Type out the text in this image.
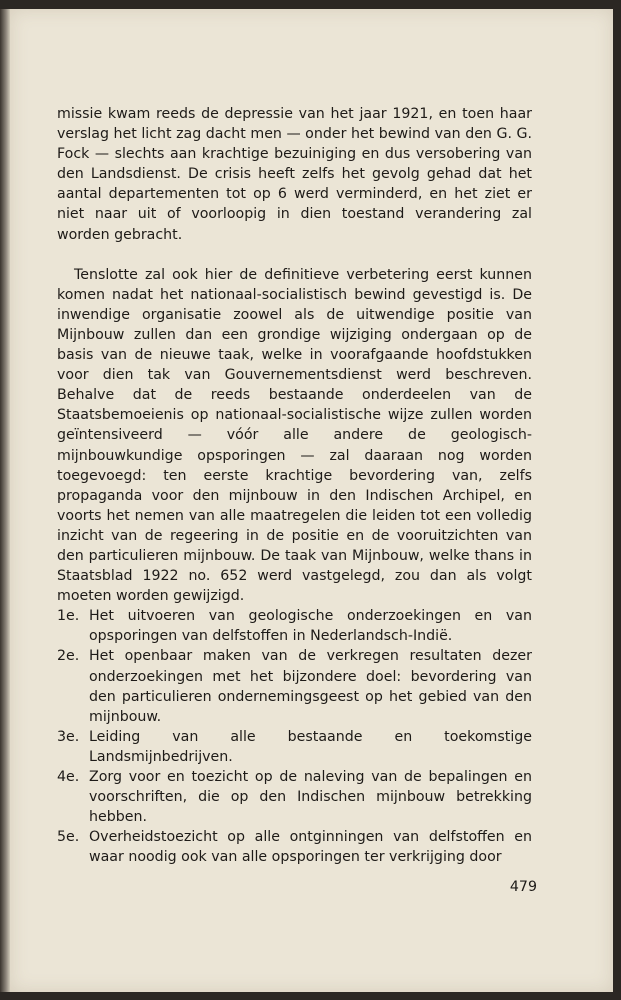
missie kwam reeds de depressie van het jaar 1921, en toen haar verslag het licht zag dacht men — onder het bewind van den G. G. Fock — slechts aan krachtige bezuiniging en dus versobering van den Landsdienst. De crisis heeft zelfs het gevolg gehad dat het aantal departementen tot op 6 werd verminderd, en het ziet er niet naar uit of voorloopig in dien toestand verandering zal worden gebracht.

Tenslotte zal ook hier de definitieve verbetering eerst kunnen komen nadat het nationaal-socialistisch bewind gevestigd is. De inwendige organisatie zoowel als de uitwendige positie van Mijnbouw zullen dan een grondige wijziging ondergaan op de basis van de nieuwe taak, welke in voorafgaande hoofdstukken voor dien tak van Gouvernementsdienst werd beschreven. Behalve dat de reeds bestaande onderdeelen van de Staatsbemoeienis op nationaal-socialistische wijze zullen worden geïntensiveerd — vóór alle andere de geologisch-mijnbouwkundige opsporingen — zal daaraan nog worden toegevoegd: ten eerste krachtige bevordering van, zelfs propaganda voor den mijnbouw in den Indischen Archipel, en voorts het nemen van alle maatregelen die leiden tot een volledig inzicht van de regeering in de positie en de vooruitzichten van den particulieren mijnbouw. De taak van Mijnbouw, welke thans in Staatsblad 1922 no. 652 werd vastgelegd, zou dan als volgt moeten worden gewijzigd.

1e. Het uitvoeren van geologische onderzoekingen en van opsporingen van delfstoffen in Nederlandsch-Indië.
2e. Het openbaar maken van de verkregen resultaten dezer onderzoekingen met het bijzondere doel: bevordering van den particulieren ondernemingsgeest op het gebied van den mijnbouw.
3e. Leiding van alle bestaande en toekomstige Landsmijnbedrijven.
4e. Zorg voor en toezicht op de naleving van de bepalingen en voorschriften, die op den Indischen mijnbouw betrekking hebben.
5e. Overheidstoezicht op alle ontginningen van delfstoffen en waar noodig ook van alle opsporingen ter verkrijging door
479
